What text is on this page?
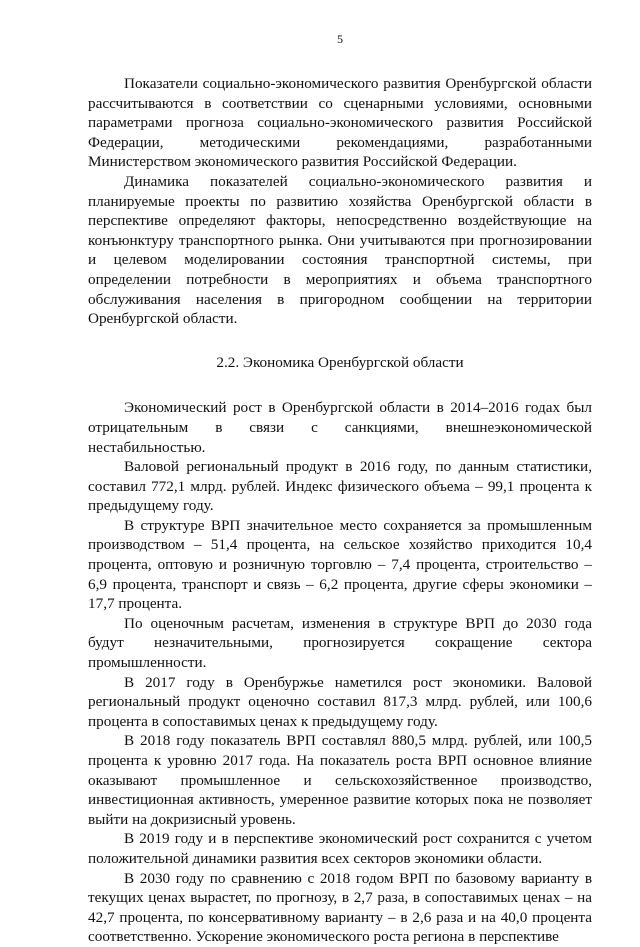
5

Показатели социально-экономического развития Оренбургской области рассчитываются в соответствии со сценарными условиями, основными параметрами прогноза социально-экономического развития Российской Федерации, методическими рекомендациями, разработанными Министерством экономического развития Российской Федерации.

Динамика показателей социально-экономического развития и планируемые проекты по развитию хозяйства Оренбургской области в перспективе определяют факторы, непосредственно воздействующие на конъюнктуру транспортного рынка. Они учитываются при прогнозировании и целевом моделировании состояния транспортной системы, при определении потребности в мероприятиях и объема транспортного обслуживания населения в пригородном сообщении на территории Оренбургской области.

2.2. Экономика Оренбургской области

Экономический рост в Оренбургской области в 2014–2016 годах был отрицательным в связи с санкциями, внешнеэкономической нестабильностью.

Валовой региональный продукт в 2016 году, по данным статистики, составил 772,1 млрд. рублей. Индекс физического объема – 99,1 процента к предыдущему году.

В структуре ВРП значительное место сохраняется за промышленным производством – 51,4 процента, на сельское хозяйство приходится 10,4 процента, оптовую и розничную торговлю – 7,4 процента, строительство – 6,9 процента, транспорт и связь – 6,2 процента, другие сферы экономики – 17,7 процента.

По оценочным расчетам, изменения в структуре ВРП до 2030 года будут незначительными, прогнозируется сокращение сектора промышленности.

В 2017 году в Оренбуржье наметился рост экономики. Валовой региональный продукт оценочно составил 817,3 млрд. рублей, или 100,6 процента в сопоставимых ценах к предыдущему году.

В 2018 году показатель ВРП составлял 880,5 млрд. рублей, или 100,5 процента к уровню 2017 года. На показатель роста ВРП основное влияние оказывают промышленное и сельскохозяйственное производство, инвестиционная активность, умеренное развитие которых пока не позволяет выйти на докризисный уровень.

В 2019 году и в перспективе экономический рост сохранится с учетом положительной динамики развития всех секторов экономики области.

В 2030 году по сравнению с 2018 годом ВРП по базовому варианту в текущих ценах вырастет, по прогнозу, в 2,7 раза, в сопоставимых ценах – на 42,7 процента, по консервативному варианту – в 2,6 раза и на 40,0 процента соответственно. Ускорение экономического роста региона в перспективе
